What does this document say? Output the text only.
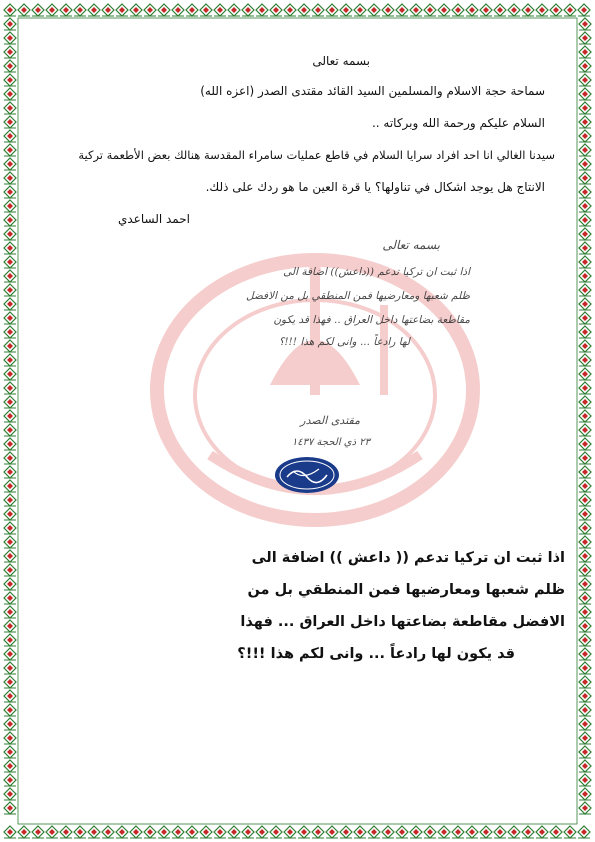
بسمه تعالى
سماحة حجة الاسلام والمسلمين السيد القائد مقتدى الصدر (اعزه الله)
السلام عليكم ورحمة الله وبركاته ..
سيدنا الغالي انا احد افراد سرايا السلام في قاطع عمليات سامراء المقدسة هنالك بعض الأطعمة تركية
الانتاج هل يوجد اشكال في تناولها؟ يا قرة العين ما هو ردك على ذلك.
احمد الساعدي
بسمه تعالى
اذا ثبت ان تركيا تدعم ((داعش)) اضافة الى
ظلم شعبها ومعارضيها فمن المنطقي بل من الافضل
مقاطعة بضاعتها داخل العراق .. فهذا قد يكون
لها رادعاً ... وانى لكم هذا !!!؟
مقتدى الصدر
٢٣ ذي الحجة ١٤٣٧
اذا ثبت ان تركيا تدعم (( داعش )) اضافة الى
ظلم شعبها ومعارضيها فمن المنطقي بل من
الافضل مقاطعة بضاعتها داخل العراق ... فهذا
قد يكون لها رادعاً ... وانى لكم هذا !!!؟
